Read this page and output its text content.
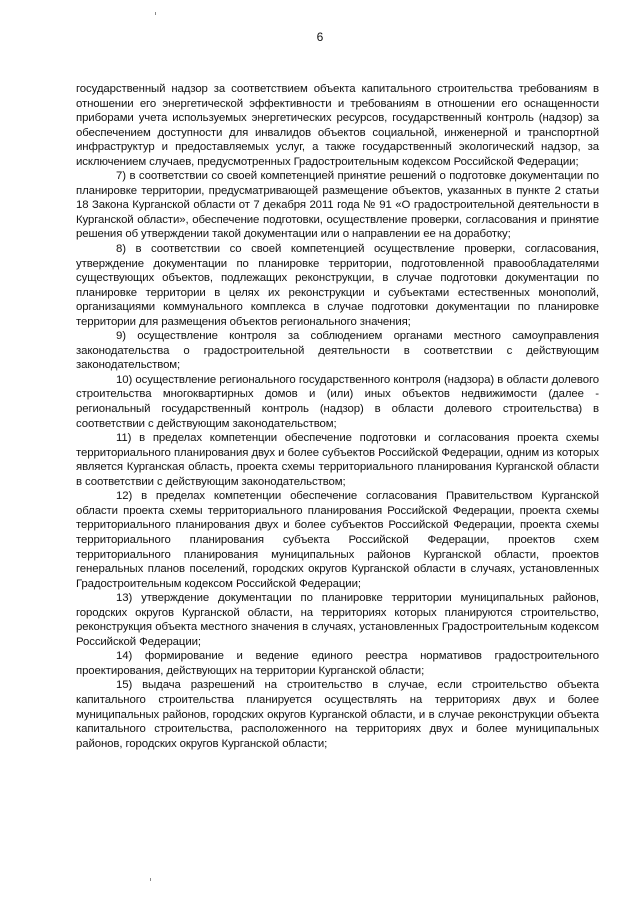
6

государственный надзор за соответствием объекта капитального строительства требованиям в отношении его энергетической эффективности и требованиям в отношении его оснащенности приборами учета используемых энергетических ресурсов, государственный контроль (надзор) за обеспечением доступности для инвалидов объектов социальной, инженерной и транспортной инфраструктур и предоставляемых услуг, а также государственный экологический надзор, за исключением случаев, предусмотренных Градостроительным кодексом Российской Федерации;

7) в соответствии со своей компетенцией принятие решений о подготовке документации по планировке территории, предусматривающей размещение объектов, указанных в пункте 2 статьи 18 Закона Курганской области от 7 декабря 2011 года № 91 «О градостроительной деятельности в Курганской области», обеспечение подготовки, осуществление проверки, согласования и принятие решения об утверждении такой документации или о направлении ее на доработку;

8) в соответствии со своей компетенцией осуществление проверки, согласования, утверждение документации по планировке территории, подготовленной правообладателями существующих объектов, подлежащих реконструкции, в случае подготовки документации по планировке территории в целях их реконструкции и субъектами естественных монополий, организациями коммунального комплекса в случае подготовки документации по планировке территории для размещения объектов регионального значения;

9) осуществление контроля за соблюдением органами местного самоуправления законодательства о градостроительной деятельности в соответствии с действующим законодательством;

10) осуществление регионального государственного контроля (надзора) в области долевого строительства многоквартирных домов и (или) иных объектов недвижимости (далее - региональный государственный контроль (надзор) в области долевого строительства) в соответствии с действующим законодательством;

11) в пределах компетенции обеспечение подготовки и согласования проекта схемы территориального планирования двух и более субъектов Российской Федерации, одним из которых является Курганская область, проекта схемы территориального планирования Курганской области в соответствии с действующим законодательством;

12) в пределах компетенции обеспечение согласования Правительством Курганской области проекта схемы территориального планирования Российской Федерации, проекта схемы территориального планирования двух и более субъектов Российской Федерации, проекта схемы территориального планирования субъекта Российской Федерации, проектов схем территориального планирования муниципальных районов Курганской области, проектов генеральных планов поселений, городских округов Курганской области в случаях, установленных Градостроительным кодексом Российской Федерации;

13) утверждение документации по планировке территории муниципальных районов, городских округов Курганской области, на территориях которых планируются строительство, реконструкция объекта местного значения в случаях, установленных Градостроительным кодексом Российской Федерации;

14) формирование и ведение единого реестра нормативов градостроительного проектирования, действующих на территории Курганской области;

15) выдача разрешений на строительство в случае, если строительство объекта капитального строительства планируется осуществлять на территориях двух и более муниципальных районов, городских округов Курганской области, и в случае реконструкции объекта капитального строительства, расположенного на территориях двух и более муниципальных районов, городских округов Курганской области;
